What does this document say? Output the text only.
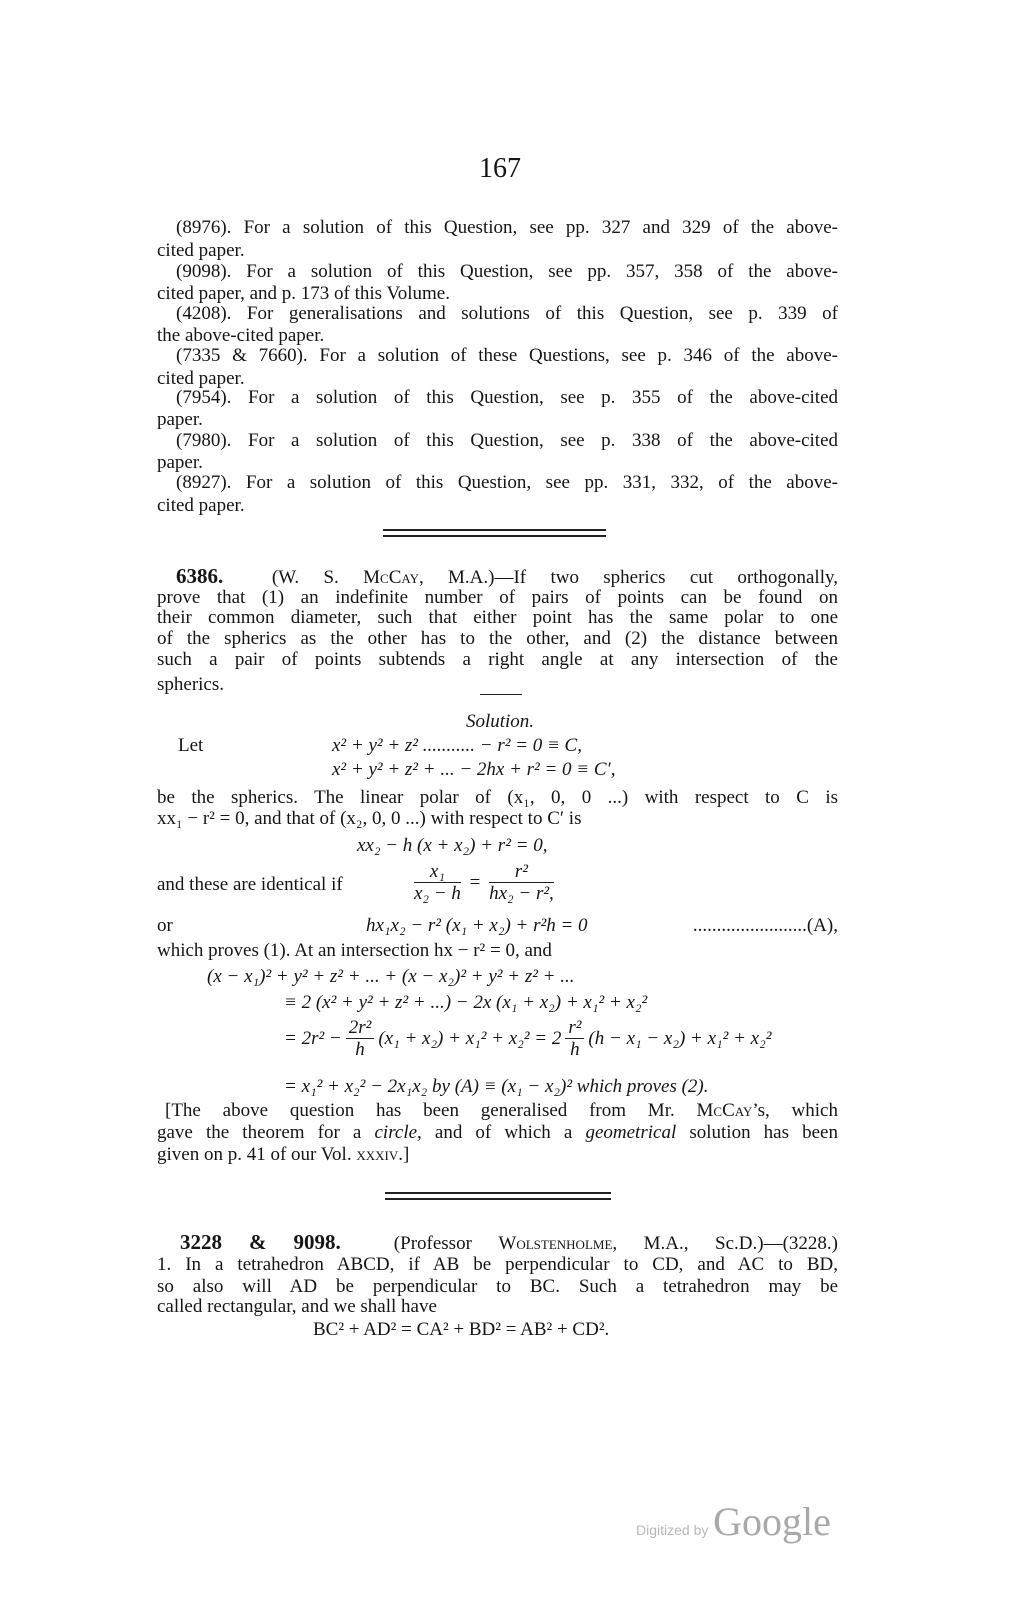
167
(8976). For a solution of this Question, see pp. 327 and 329 of the above-
cited paper.
(9098). For a solution of this Question, see pp. 357, 358 of the above-
cited paper, and p. 173 of this Volume.
(4208). For generalisations and solutions of this Question, see p. 339 of
the above-cited paper.
(7335 & 7660). For a solution of these Questions, see p. 346 of the above-
cited paper.
(7954). For a solution of this Question, see p. 355 of the above-cited
paper.
(7980). For a solution of this Question, see p. 338 of the above-cited
paper.
(8927). For a solution of this Question, see pp. 331, 332, of the above-
cited paper.
6386.	(W. S. McCay, M.A.)—If two spherics cut orthogonally,
prove that (1) an indefinite number of pairs of points can be found on
their common diameter, such that either point has the same polar to one
of the spherics as the other has to the other, and (2) the distance between
such a pair of points subtends a right angle at any intersection of the
spherics.
Solution.
Let	x² + y² + z² ........... − r² = 0 ≡ C,
x² + y² + z² + ... − 2hx + r² = 0 ≡ C′,
be the spherics. The linear polar of (x₁, 0, 0 ...) with respect to C is
xx₁ − r² = 0, and that of (x₂, 0, 0 ...) with respect to C′ is
xx₂ − h (x + x₂) + r² = 0,
and these are identical if	$\frac{\text{x₁}}{\text{x₂ − h}} = \frac{\text{r²}}{\text{hx₂ − r²,}}$
or	hx₁x₂ − r² (x₁ + x₂) + r²h = 0	........................(A),
which proves (1). At an intersection hx − r² = 0, and
(x − x₁)² + y² + z² + ... + (x − x₂)² + y² + z² + ...
≡ 2 (x² + y² + z² + ...) − 2x (x₁ + x₂) + x₁² + x₂²
= $2r^2 - \frac{\text{2r²}}{h} (x_1 + x_2) + x_1^2 + x_2^2 = 2 \frac{\text{r²}}{h} (h - x_1 - x_2) + x_1^2 + x_2^2$
= x₁² + x₂² − 2x₁x₂ by (A) ≡ (x₁ − x₂)² which proves (2).
[The above question has been generalised from Mr. McCay’s, which
gave the theorem for a circle, and of which a geometrical solution has been
given on p. 41 of our Vol. xxxiv.]
3228 & 9098.	(Professor Wolstenholme, M.A., Sc.D.)—(3228.)
1. In a tetrahedron ABCD, if AB be perpendicular to CD, and AC to BD,
so also will AD be perpendicular to BC. Such a tetrahedron may be
called rectangular, and we shall have
BC² + AD² = CA² + BD² = AB² + CD².
Digitized by Google
